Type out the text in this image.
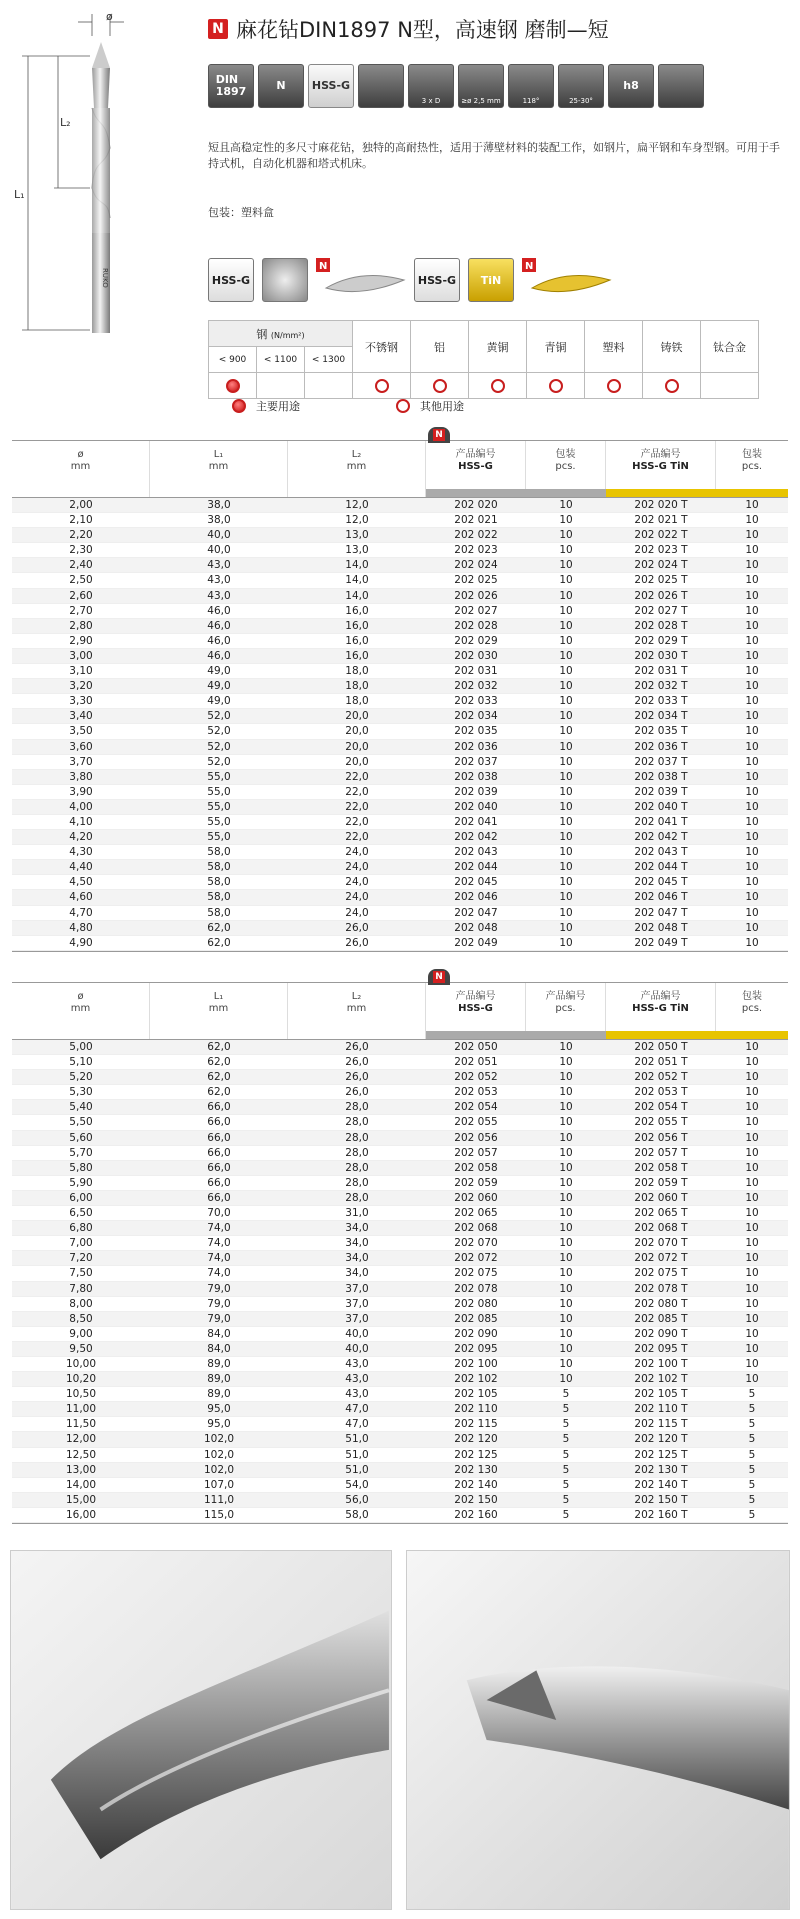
ø
L₂
L₁
RUKO
N 麻花钻DIN1897 N型，高速钢 磨制—短
DIN
1897	N HSS-G
3 x D	≥ø 2,5 mm	118°	25-30°
h8
短且高稳定性的多尺寸麻花钻，独特的高耐热性，适用于薄壁材料的装配工作，如钢片，扁平钢和车身型钢。可用于手持式机，自动化机器和塔式机床。
包装：塑料盒
HSS-G
N
HSS-G	TiN
N
钢 (N/mm²)			不锈钢	铝	黄铜	青铜	塑料	铸铁	钛合金
< 900	< 1100	< 1300							

主要用途	其他用途
N
ø
mm
L₁
mm
L₂
mm
产品编号
HSS-G
包装
pcs.
产品编号
HSS-G TiN
包装
pcs.
2,00	38,0	12,0	202 020	10	202 020 T	10
2,10	38,0	12,0	202 021	10	202 021 T	10
2,20	40,0	13,0	202 022	10	202 022 T	10
2,30	40,0	13,0	202 023	10	202 023 T	10
2,40	43,0	14,0	202 024	10	202 024 T	10
2,50	43,0	14,0	202 025	10	202 025 T	10
2,60	43,0	14,0	202 026	10	202 026 T	10
2,70	46,0	16,0	202 027	10	202 027 T	10
2,80	46,0	16,0	202 028	10	202 028 T	10
2,90	46,0	16,0	202 029	10	202 029 T	10
3,00	46,0	16,0	202 030	10	202 030 T	10
3,10	49,0	18,0	202 031	10	202 031 T	10
3,20	49,0	18,0	202 032	10	202 032 T	10
3,30	49,0	18,0	202 033	10	202 033 T	10
3,40	52,0	20,0	202 034	10	202 034 T	10
3,50	52,0	20,0	202 035	10	202 035 T	10
3,60	52,0	20,0	202 036	10	202 036 T	10
3,70	52,0	20,0	202 037	10	202 037 T	10
3,80	55,0	22,0	202 038	10	202 038 T	10
3,90	55,0	22,0	202 039	10	202 039 T	10
4,00	55,0	22,0	202 040	10	202 040 T	10
4,10	55,0	22,0	202 041	10	202 041 T	10
4,20	55,0	22,0	202 042	10	202 042 T	10
4,30	58,0	24,0	202 043	10	202 043 T	10
4,40	58,0	24,0	202 044	10	202 044 T	10
4,50	58,0	24,0	202 045	10	202 045 T	10
4,60	58,0	24,0	202 046	10	202 046 T	10
4,70	58,0	24,0	202 047	10	202 047 T	10
4,80	62,0	26,0	202 048	10	202 048 T	10
4,90	62,0	26,0	202 049	10	202 049 T	10
N
ø
mm
L₁
mm
L₂
mm
产品编号
HSS-G
产品编号
pcs.
产品编号
HSS-G TiN
包装
pcs.
5,00	62,0	26,0	202 050	10	202 050 T	10
5,10	62,0	26,0	202 051	10	202 051 T	10
5,20	62,0	26,0	202 052	10	202 052 T	10
5,30	62,0	26,0	202 053	10	202 053 T	10
5,40	66,0	28,0	202 054	10	202 054 T	10
5,50	66,0	28,0	202 055	10	202 055 T	10
5,60	66,0	28,0	202 056	10	202 056 T	10
5,70	66,0	28,0	202 057	10	202 057 T	10
5,80	66,0	28,0	202 058	10	202 058 T	10
5,90	66,0	28,0	202 059	10	202 059 T	10
6,00	66,0	28,0	202 060	10	202 060 T	10
6,50	70,0	31,0	202 065	10	202 065 T	10
6,80	74,0	34,0	202 068	10	202 068 T	10
7,00	74,0	34,0	202 070	10	202 070 T	10
7,20	74,0	34,0	202 072	10	202 072 T	10
7,50	74,0	34,0	202 075	10	202 075 T	10
7,80	79,0	37,0	202 078	10	202 078 T	10
8,00	79,0	37,0	202 080	10	202 080 T	10
8,50	79,0	37,0	202 085	10	202 085 T	10
9,00	84,0	40,0	202 090	10	202 090 T	10
9,50	84,0	40,0	202 095	10	202 095 T	10
10,00	89,0	43,0	202 100	10	202 100 T	10
10,20	89,0	43,0	202 102	10	202 102 T	10
10,50	89,0	43,0	202 105	5	202 105 T	5
11,00	95,0	47,0	202 110	5	202 110 T	5
11,50	95,0	47,0	202 115	5	202 115 T	5
12,00	102,0	51,0	202 120	5	202 120 T	5
12,50	102,0	51,0	202 125	5	202 125 T	5
13,00	102,0	51,0	202 130	5	202 130 T	5
14,00	107,0	54,0	202 140	5	202 140 T	5
15,00	111,0	56,0	202 150	5	202 150 T	5
16,00	115,0	58,0	202 160	5	202 160 T	5
